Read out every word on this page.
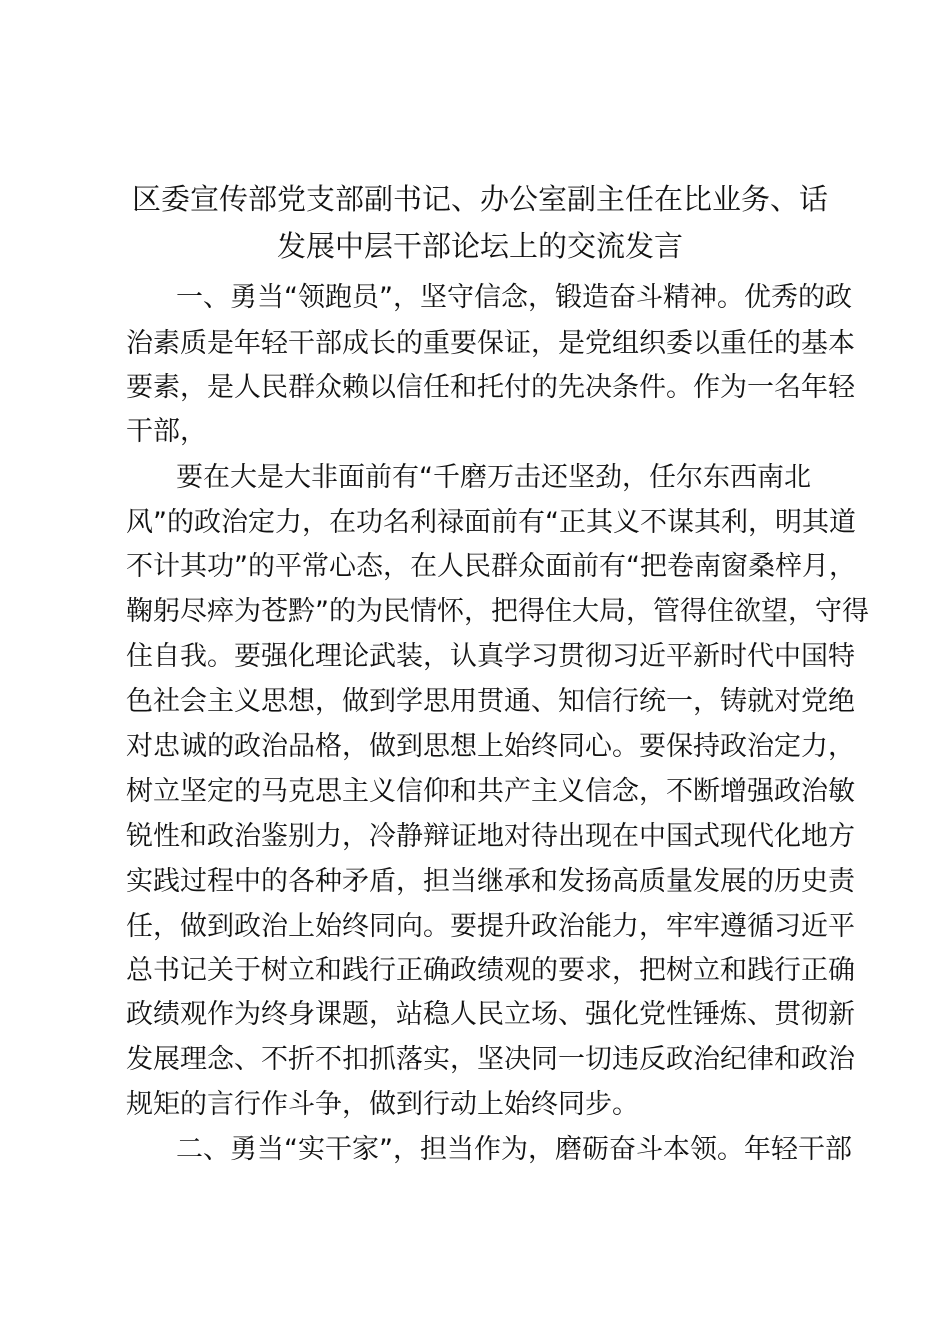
区委宣传部党支部副书记、办公室副主任在比业务、话
发展中层干部论坛上的交流发言

一、勇当“领跑员”，坚守信念，锻造奋斗精神。优秀的政

治素质是年轻干部成长的重要保证，是党组织委以重任的基本

要素，是人民群众赖以信任和托付的先决条件。作为一名年轻

干部，

要在大是大非面前有“千磨万击还坚劲，任尔东西南北

风”的政治定力，在功名利禄面前有“正其义不谋其利，明其道

不计其功”的平常心态，在人民群众面前有“把卷南窗桑梓月，

鞠躬尽瘁为苍黔”的为民情怀，把得住大局，管得住欲望，守得

住自我。要强化理论武装，认真学习贯彻习近平新时代中国特

色社会主义思想，做到学思用贯通、知信行统一，铸就对党绝

对忠诚的政治品格，做到思想上始终同心。要保持政治定力，

树立坚定的马克思主义信仰和共产主义信念，不断增强政治敏

锐性和政治鉴别力，冷静辩证地对待出现在中国式现代化地方

实践过程中的各种矛盾，担当继承和发扬高质量发展的历史责

任，做到政治上始终同向。要提升政治能力，牢牢遵循习近平

总书记关于树立和践行正确政绩观的要求，把树立和践行正确

政绩观作为终身课题，站稳人民立场、强化党性锤炼、贯彻新

发展理念、不折不扣抓落实，坚决同一切违反政治纪律和政治

规矩的言行作斗争，做到行动上始终同步。

二、勇当“实干家”，担当作为，磨砺奋斗本领。年轻干部
